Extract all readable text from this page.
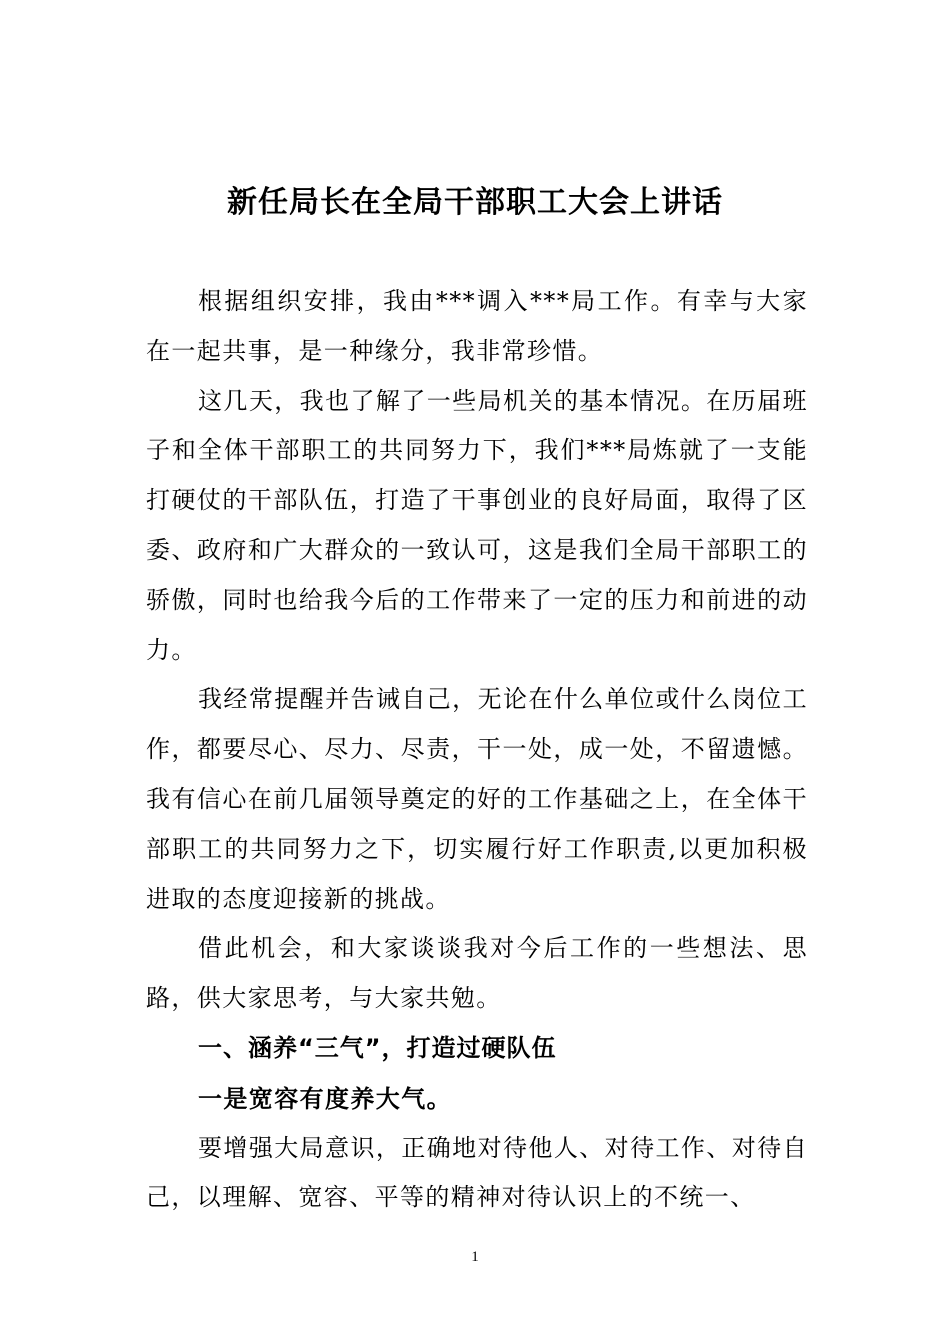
新任局长在全局干部职工大会上讲话

根据组织安排，我由***调入***局工作。有幸与大家在一起共事，是一种缘分，我非常珍惜。

这几天，我也了解了一些局机关的基本情况。在历届班子和全体干部职工的共同努力下，我们***局炼就了一支能打硬仗的干部队伍，打造了干事创业的良好局面，取得了区委、政府和广大群众的一致认可，这是我们全局干部职工的骄傲，同时也给我今后的工作带来了一定的压力和前进的动力。

我经常提醒并告诫自己，无论在什么单位或什么岗位工作，都要尽心、尽力、尽责，干一处，成一处，不留遗憾。我有信心在前几届领导奠定的好的工作基础之上，在全体干部职工的共同努力之下，切实履行好工作职责,以更加积极进取的态度迎接新的挑战。

借此机会，和大家谈谈我对今后工作的一些想法、思路，供大家思考，与大家共勉。

一、涵养“三气”，打造过硬队伍

一是宽容有度养大气。

要增强大局意识，正确地对待他人、对待工作、对待自己，以理解、宽容、平等的精神对待认识上的不统一、

1
